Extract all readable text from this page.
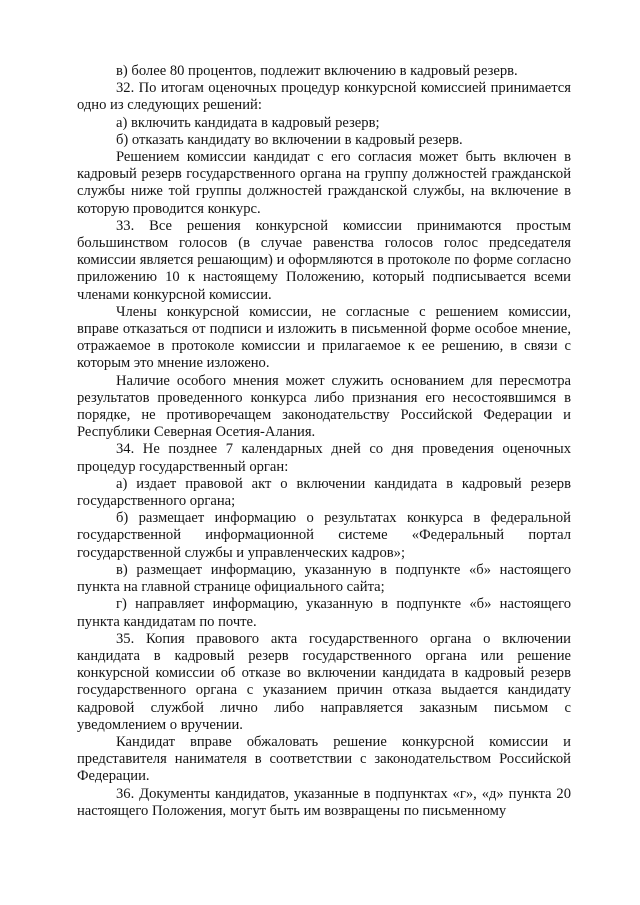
в) более 80 процентов, подлежит включению в кадровый резерв.

32. По итогам оценочных процедур конкурсной комиссией принимается одно из следующих решений:

а) включить кандидата в кадровый резерв;

б) отказать кандидату во включении в кадровый резерв.

Решением комиссии кандидат с его согласия может быть включен в кадровый резерв государственного органа на группу должностей гражданской службы ниже той группы должностей гражданской службы, на включение в которую проводится конкурс.

33. Все решения конкурсной комиссии принимаются простым большинством голосов (в случае равенства голосов голос председателя комиссии является решающим) и оформляются в протоколе по форме согласно приложению 10 к настоящему Положению, который подписывается всеми членами конкурсной комиссии.

Члены конкурсной комиссии, не согласные с решением комиссии, вправе отказаться от подписи и изложить в письменной форме особое мнение, отражаемое в протоколе комиссии и прилагаемое к ее решению, в связи с которым это мнение изложено.

Наличие особого мнения может служить основанием для пересмотра результатов проведенного конкурса либо признания его несостоявшимся в порядке, не противоречащем законодательству Российской Федерации и Республики Северная Осетия-Алания.

34. Не позднее 7 календарных дней со дня проведения оценочных процедур государственный орган:

а) издает правовой акт о включении кандидата в кадровый резерв государственного органа;

б) размещает информацию о результатах конкурса в федеральной государственной информационной системе «Федеральный портал государственной службы и управленческих кадров»;

в) размещает информацию, указанную в подпункте «б» настоящего пункта на главной странице официального сайта;

г) направляет информацию, указанную в подпункте «б» настоящего пункта кандидатам по почте.

35. Копия правового акта государственного органа о включении кандидата в кадровый резерв государственного органа или решение конкурсной комиссии об отказе во включении кандидата в кадровый резерв государственного органа с указанием причин отказа выдается кандидату кадровой службой лично либо направляется заказным письмом с уведомлением о вручении.

Кандидат вправе обжаловать решение конкурсной комиссии и представителя нанимателя в соответствии с законодательством Российской Федерации.

36. Документы кандидатов, указанные в подпунктах «г», «д» пункта 20 настоящего Положения, могут быть им возвращены по письменному
